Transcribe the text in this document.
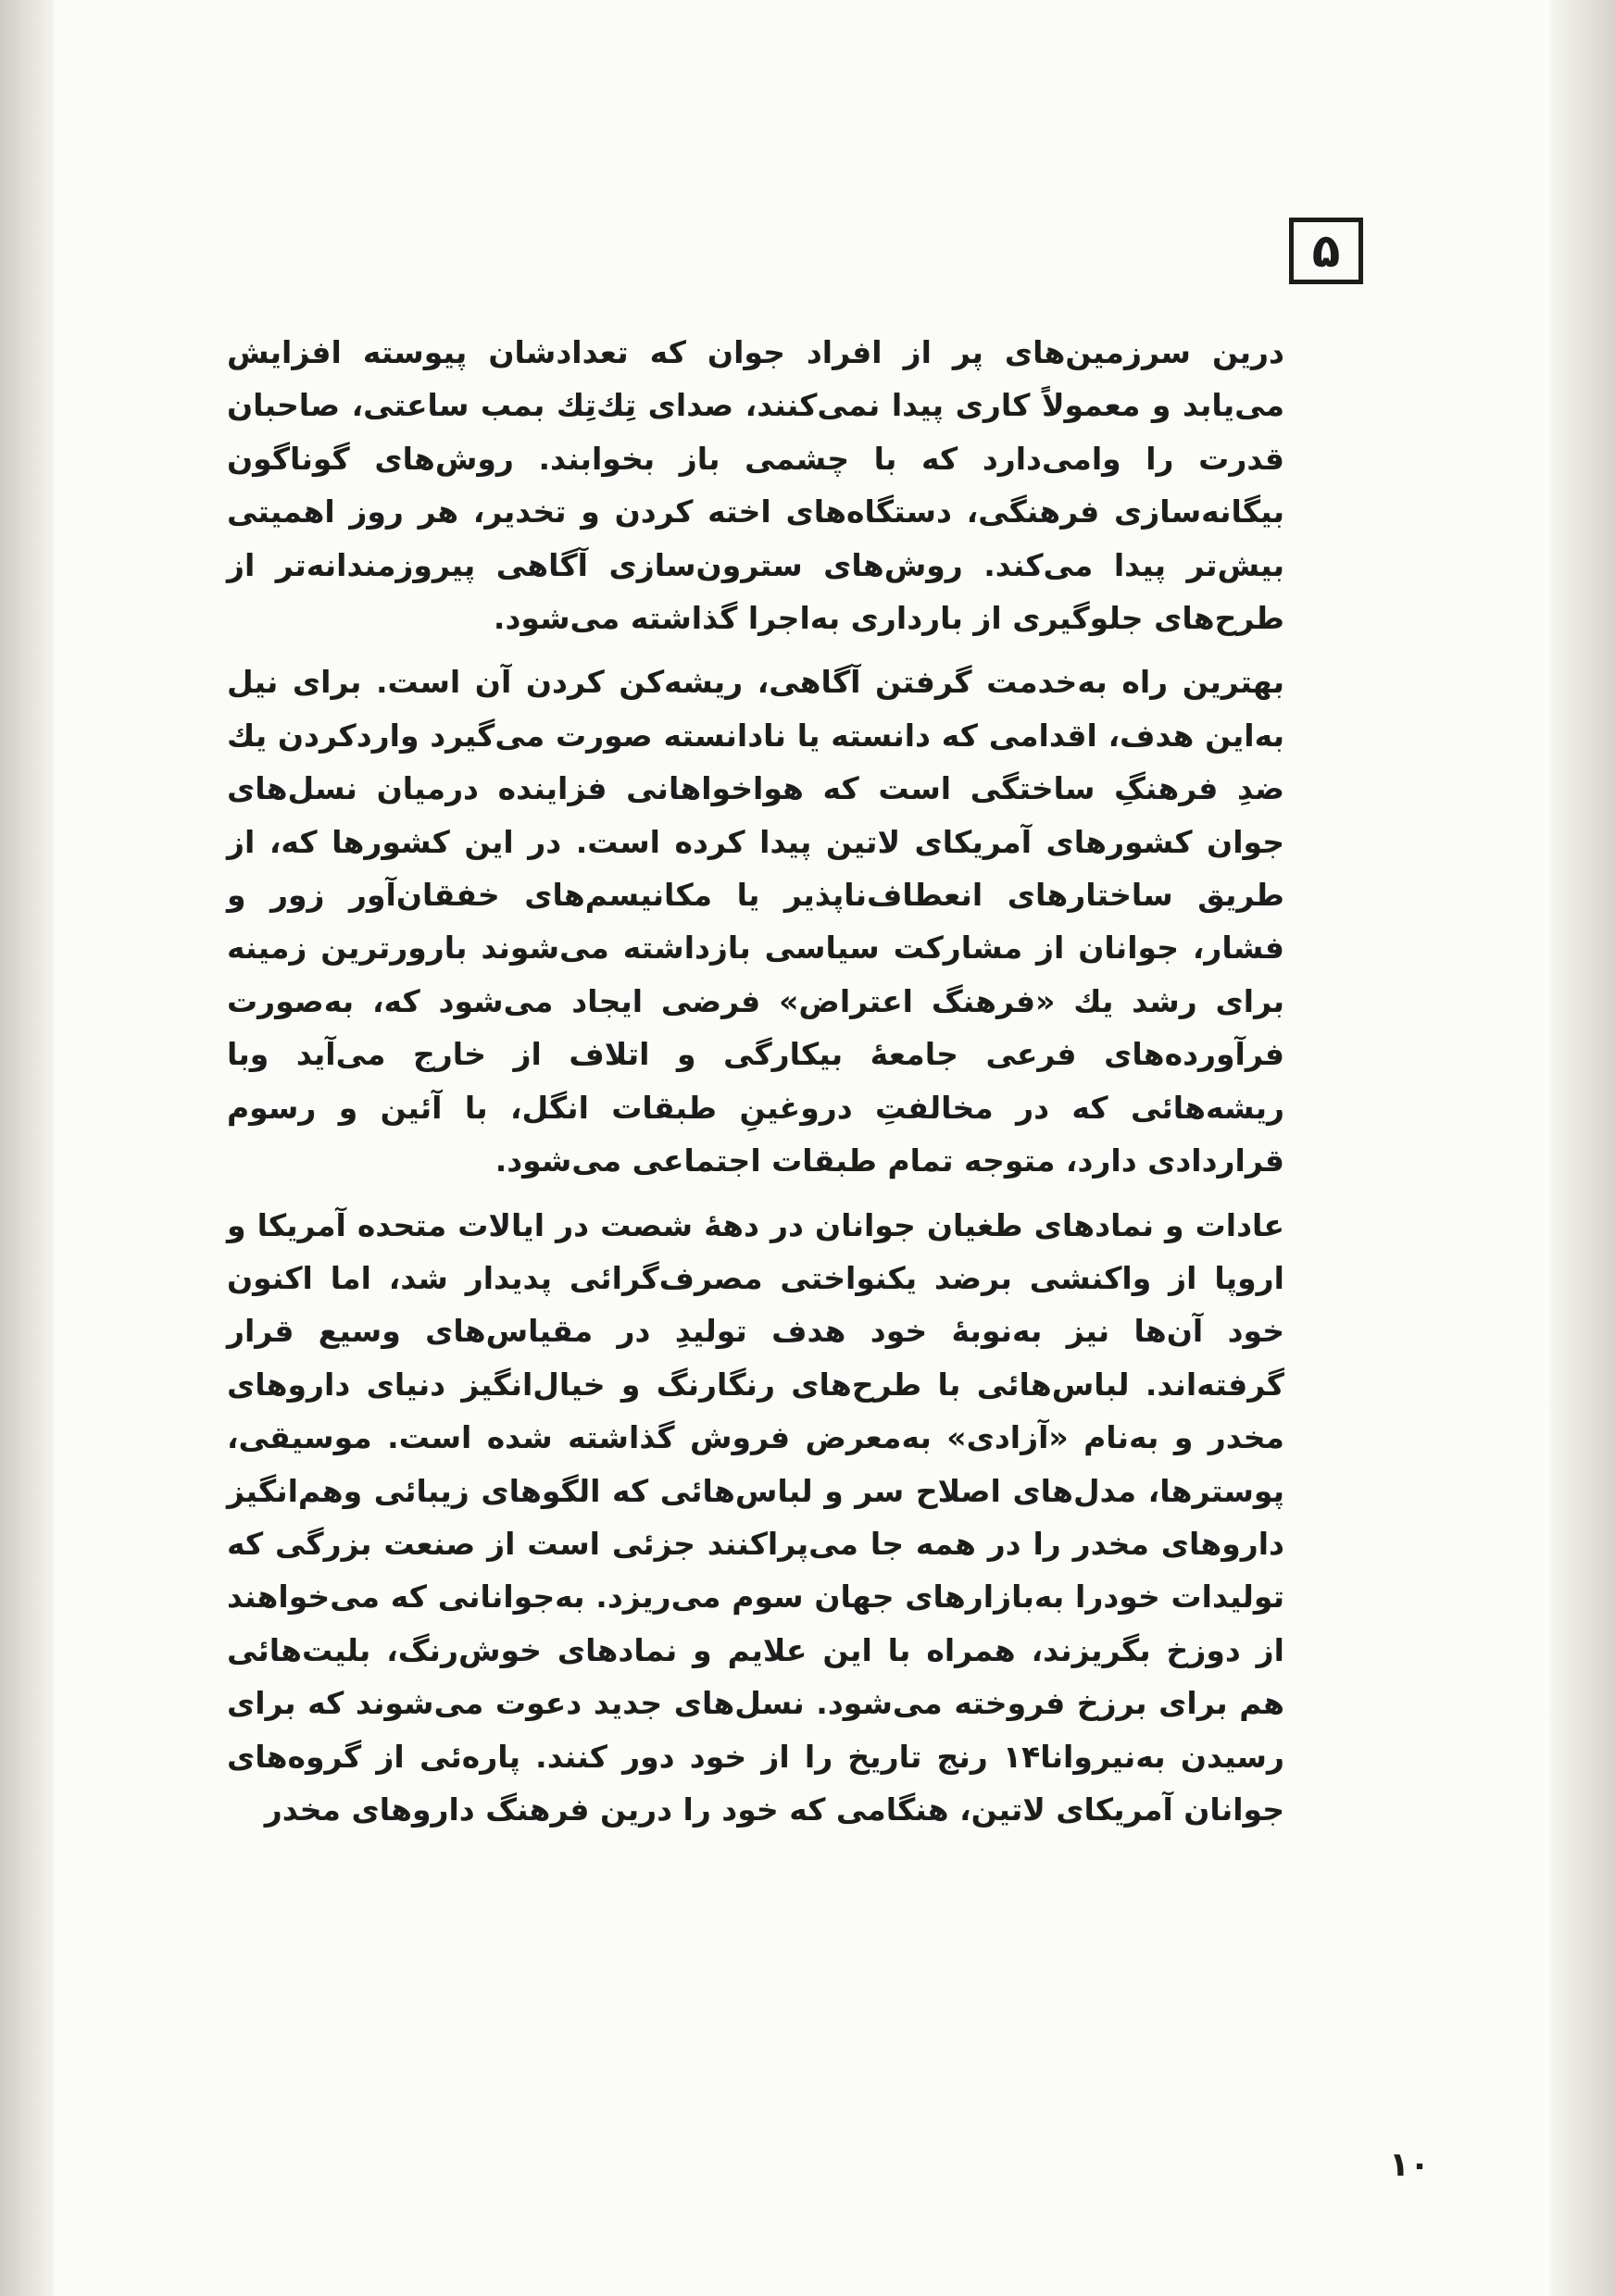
۵

درین سرزمین‌های پر از افراد جوان که تعدادشان پیوسته افزایش می‌یابد و معمولاً کاری پیدا نمی‌کنند، صدای تِك‌تِك بمب ساعتی، صاحبان قدرت را وامی‌دارد که با چشمی باز بخوابند. روش‌های گوناگون بیگانه‌سازی فرهنگی، دستگاه‌های اخته کردن و تخدیر، هر روز اهمیتی بیش‌تر پیدا می‌کند. روش‌های سترون‌سازی آگاهی پیروزمندانه‌تر از طرح‌های جلوگیری از بارداری به‌اجرا گذاشته می‌شود.

بهترین راه به‌خدمت گرفتن آگاهی، ریشه‌کن کردن آن است. برای نیل به‌این هدف، اقدامی که دانسته یا نادانسته صورت می‌گیرد واردکردن یك ضدِ فرهنگِ ساختگی است که هواخواهانی فزاینده درمیان نسل‌های جوان کشورهای آمریکای لاتین پیدا کرده است. در این کشورها که، از طریق ساختارهای انعطاف‌ناپذیر یا مکانیسم‌های خفقان‌آور زور و فشار، جوانان از مشارکت سیاسی بازداشته می‌شوند بارورترین زمینه برای رشد یك «فرهنگ اعتراض» فرضی ایجاد می‌شود که، به‌صورت فرآورده‌های فرعی جامعهٔ بیکارگی و اتلاف از خارج می‌آید وبا ریشه‌هائی که در مخالفتِ دروغینِ طبقات انگل، با آئین و رسوم قراردادی دارد، متوجه تمام طبقات اجتماعی می‌شود.

عادات و نمادهای طغیان جوانان در دههٔ شصت در ایالات متحده آمریکا و اروپا از واکنشی برضد یکنواختی مصرف‌گرائی پدیدار شد، اما اکنون خود آن‌ها نیز به‌نوبهٔ خود هدف تولیدِ در مقیاس‌های وسیع قرار گرفته‌اند. لباس‌هائی با طرح‌های رنگارنگ و خیال‌انگیز دنیای داروهای مخدر و به‌نام «آزادی» به‌معرض فروش گذاشته شده است. موسیقی، پوسترها، مدل‌های اصلاح سر و لباس‌هائی که الگوهای زیبائی وهم‌انگیز داروهای مخدر را در همه جا می‌پراکنند جزئی است از صنعت بزرگی که تولیدات خودرا به‌بازارهای جهان سوم می‌ریزد. به‌جوانانی که می‌خواهند از دوزخ بگریزند، همراه با این علایم و نمادهای خوش‌رنگ، بلیت‌هائی هم برای برزخ فروخته می‌شود. نسل‌های جدید دعوت می‌شوند که برای رسیدن به‌نیروانا۱۴ رنج تاریخ را از خود دور کنند. پاره‌ئی از گروه‌های جوانان آمریکای لاتین، هنگامی که خود را درین فرهنگ داروهای مخدر

۱۰
